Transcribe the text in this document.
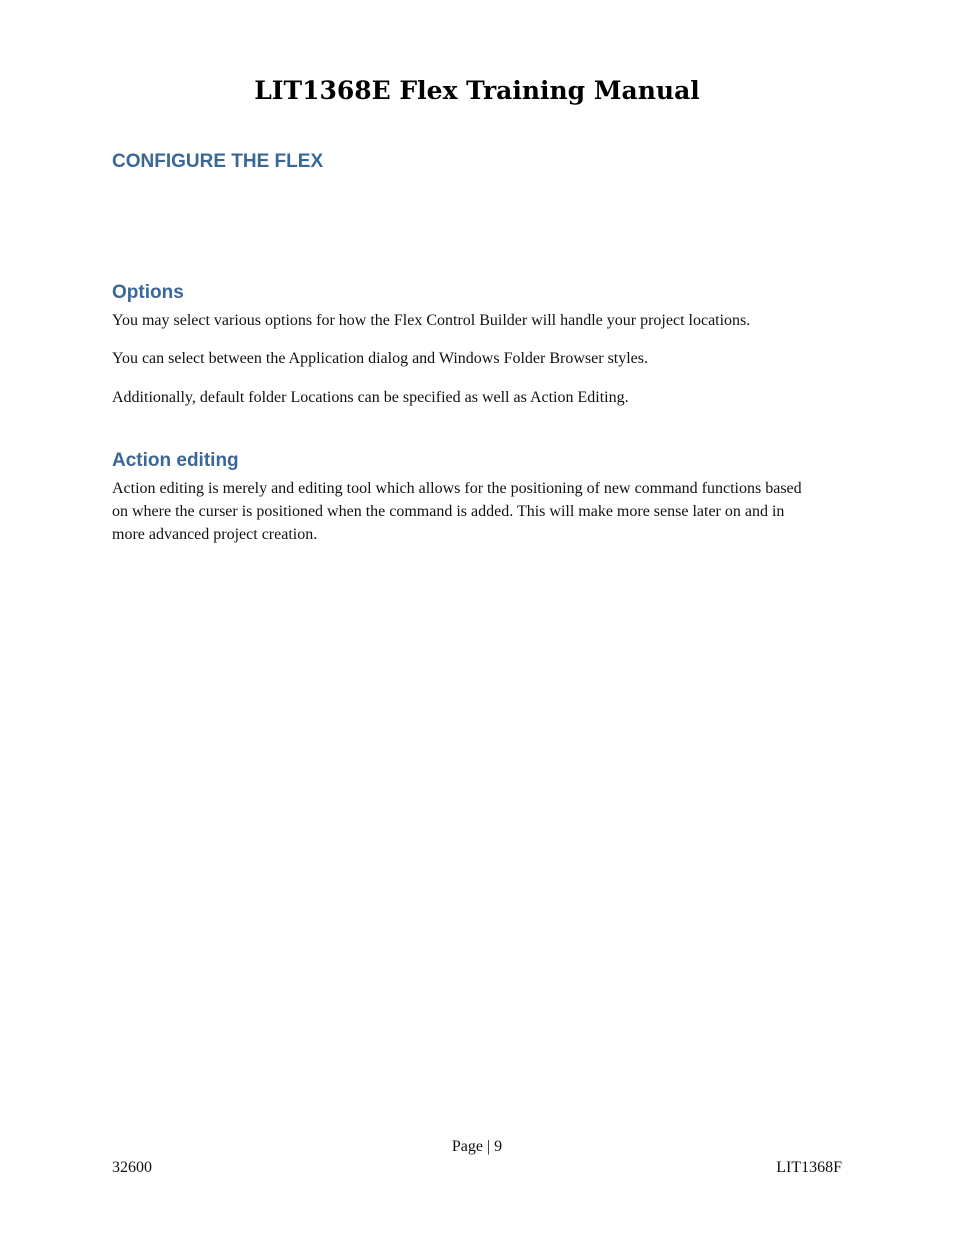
LIT1368E Flex Training Manual
CONFIGURE THE FLEX
Options

You may select various options for how the Flex Control Builder will handle your project locations.

You can select between the Application dialog and Windows Folder Browser styles.

Additionally, default folder Locations can be specified as well as Action Editing.

Action editing

Action editing is merely and editing tool which allows for the positioning of new command functions based on where the curser is positioned when the command is added. This will make more sense later on and in more advanced project creation.

Page | 9
32600	LIT1368F
